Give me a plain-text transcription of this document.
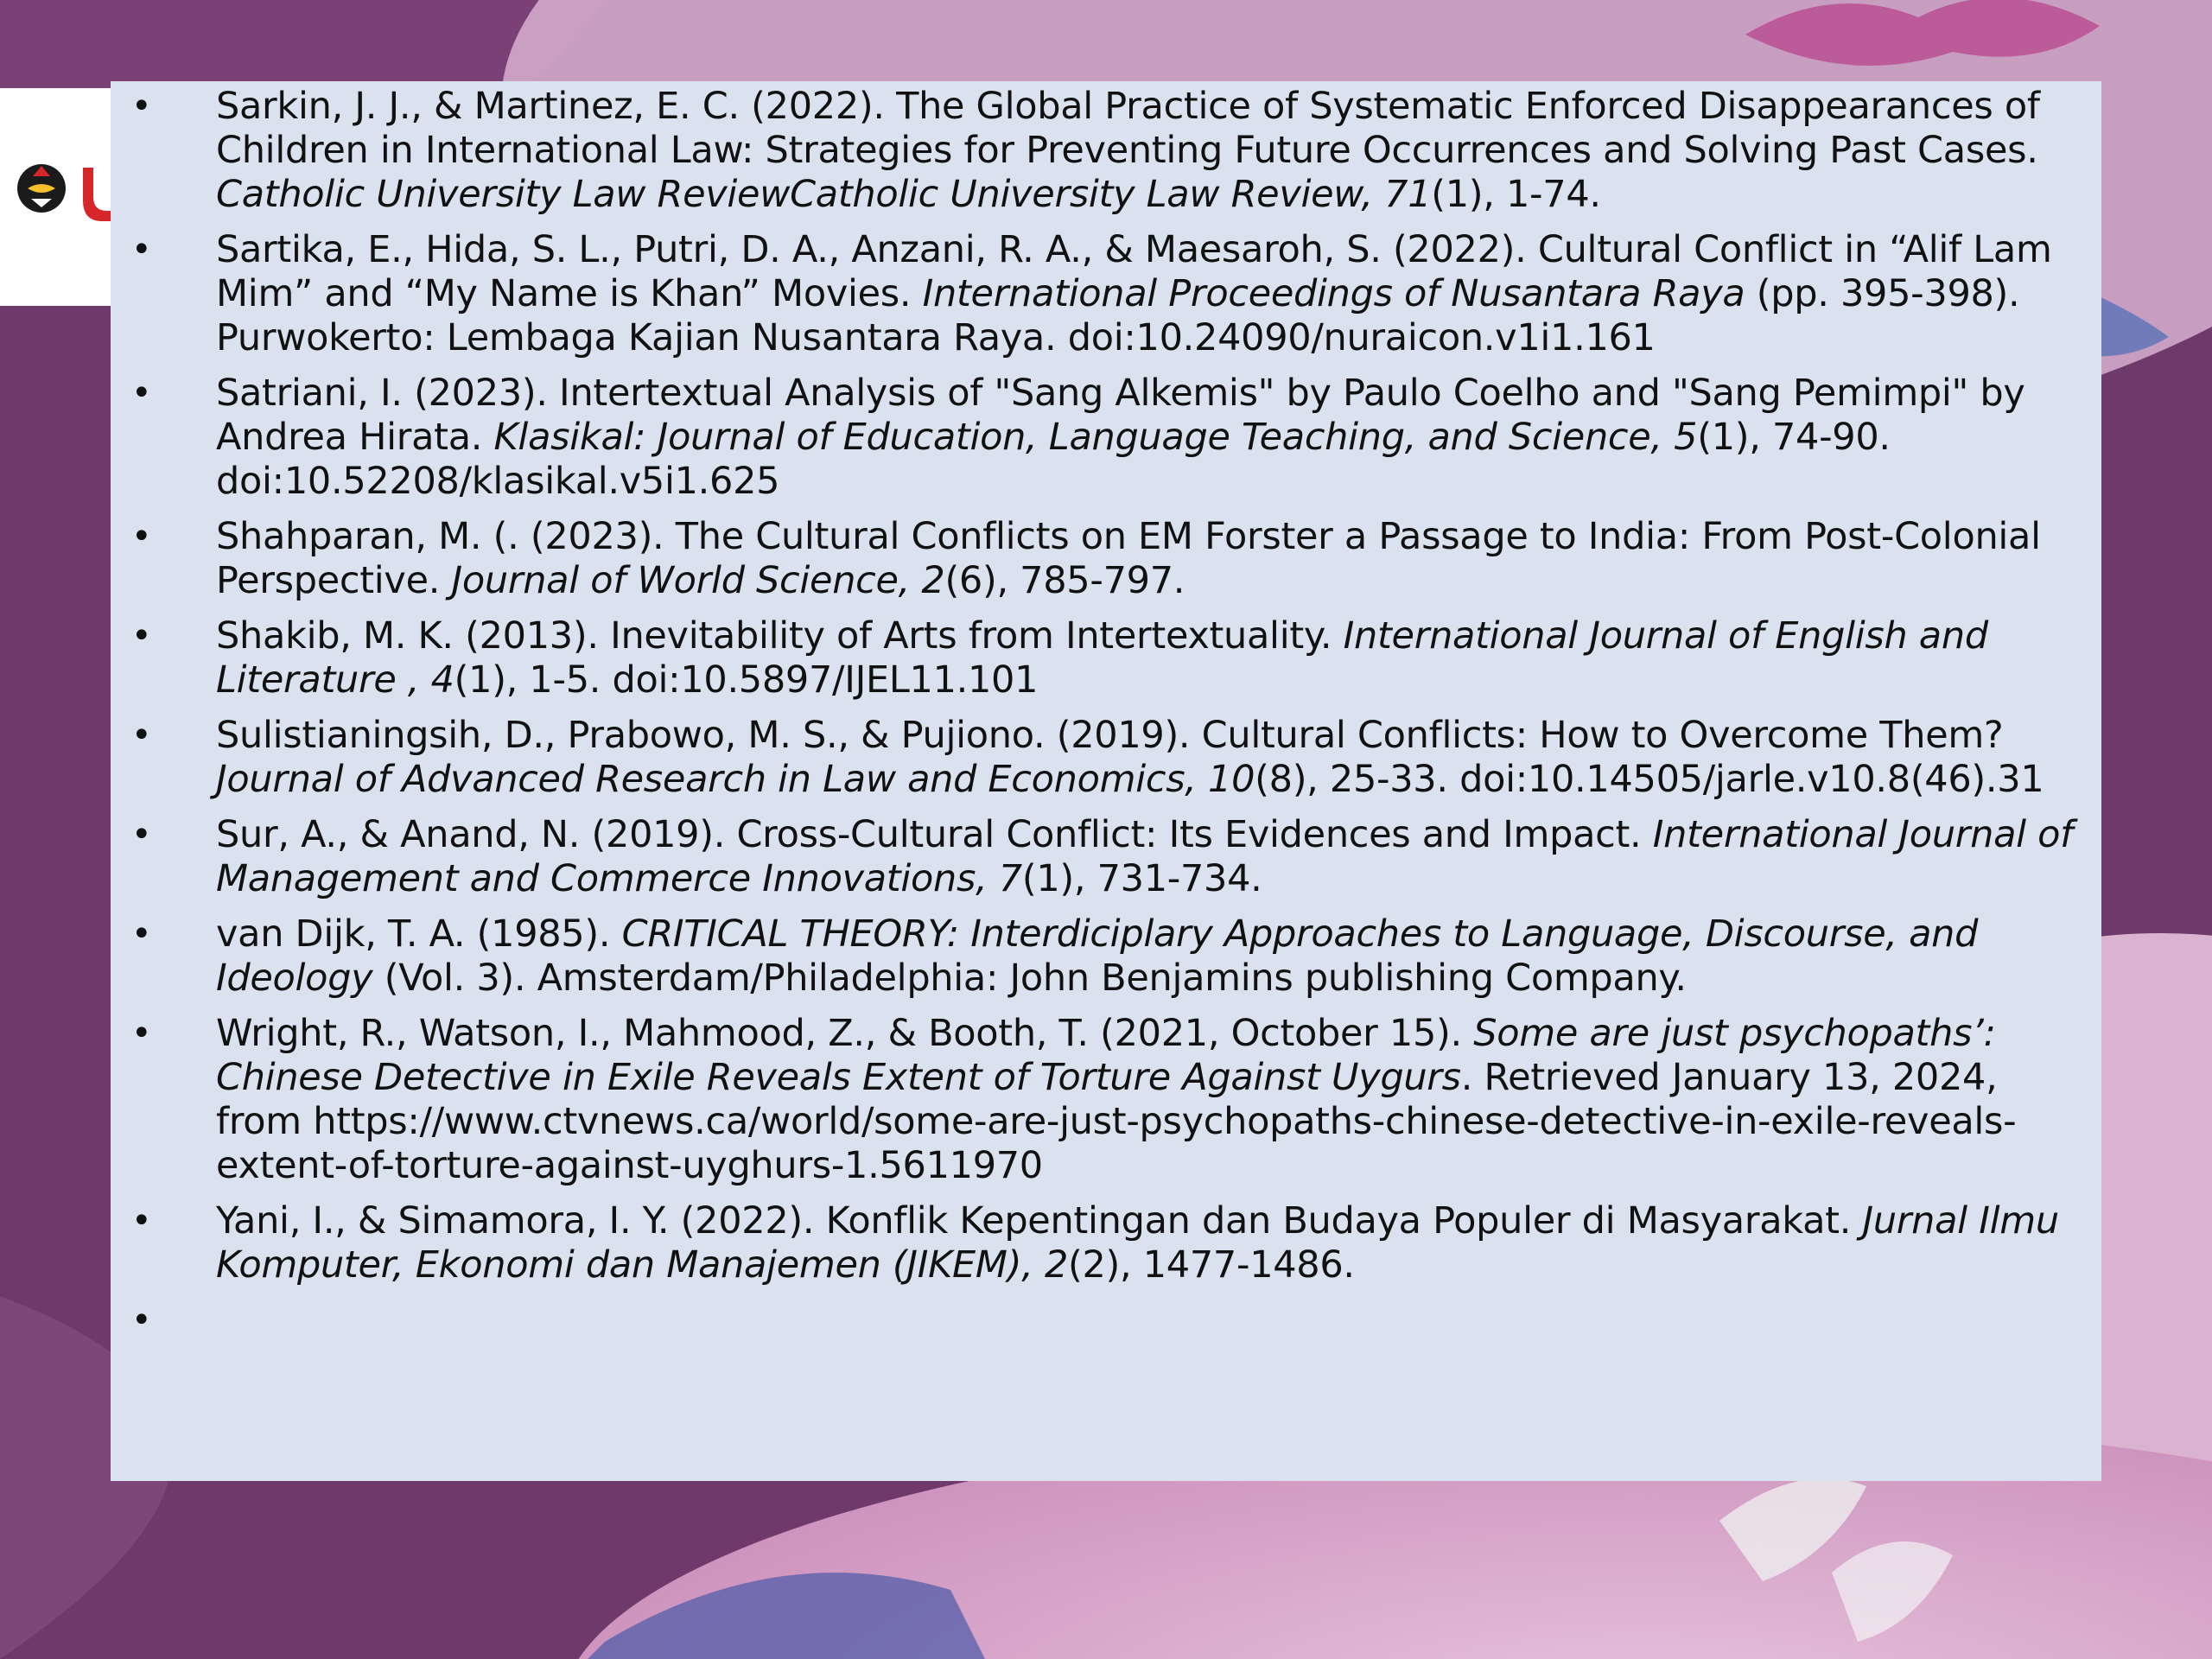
• Sarkin, J. J., & Martinez, E. C. (2022). The Global Practice of Systematic Enforced Disappearances of Children in International Law: Strategies for Preventing Future Occurrences and Solving Past Cases. Catholic University Law ReviewCatholic University Law Review, 71(1), 1-74.
• Sartika, E., Hida, S. L., Putri, D. A., Anzani, R. A., & Maesaroh, S. (2022). Cultural Conflict in “Alif Lam Mim” and “My Name is Khan” Movies. International Proceedings of Nusantara Raya (pp. 395-398). Purwokerto: Lembaga Kajian Nusantara Raya. doi:10.24090/nuraicon.v1i1.161
• Satriani, I. (2023). Intertextual Analysis of "Sang Alkemis" by Paulo Coelho and "Sang Pemimpi" by Andrea Hirata. Klasikal: Journal of Education, Language Teaching, and Science, 5(1), 74-90. doi:10.52208/klasikal.v5i1.625
• Shahparan, M. (. (2023). The Cultural Conflicts on EM Forster a Passage to India: From Post-Colonial Perspective. Journal of World Science, 2(6), 785-797.
• Shakib, M. K. (2013). Inevitability of Arts from Intertextuality. International Journal of English and Literature , 4(1), 1-5. doi:10.5897/IJEL11.101
• Sulistianingsih, D., Prabowo, M. S., & Pujiono. (2019). Cultural Conflicts: How to Overcome Them? Journal of Advanced Research in Law and Economics, 10(8), 25-33. doi:10.14505/jarle.v10.8(46).31
• Sur, A., & Anand, N. (2019). Cross-Cultural Conflict: Its Evidences and Impact. International Journal of Management and Commerce Innovations, 7(1), 731-734.
• van Dijk, T. A. (1985). CRITICAL THEORY: Interdiciplary Approaches to Language, Discourse, and Ideology (Vol. 3). Amsterdam/Philadelphia: John Benjamins publishing Company.
• Wright, R., Watson, I., Mahmood, Z., & Booth, T. (2021, October 15). Some are just psychopaths’: Chinese Detective in Exile Reveals Extent of Torture Against Uygurs. Retrieved January 13, 2024, from https://www.ctvnews.ca/world/some-are-just-psychopaths-chinese-detective-in-exile-reveals-extent-of-torture-against-uyghurs-1.5611970
• Yani, I., & Simamora, I. Y. (2022). Konflik Kepentingan dan Budaya Populer di Masyarakat. Jurnal Ilmu Komputer, Ekonomi dan Manajemen (JIKEM), 2(2), 1477-1486.
•
